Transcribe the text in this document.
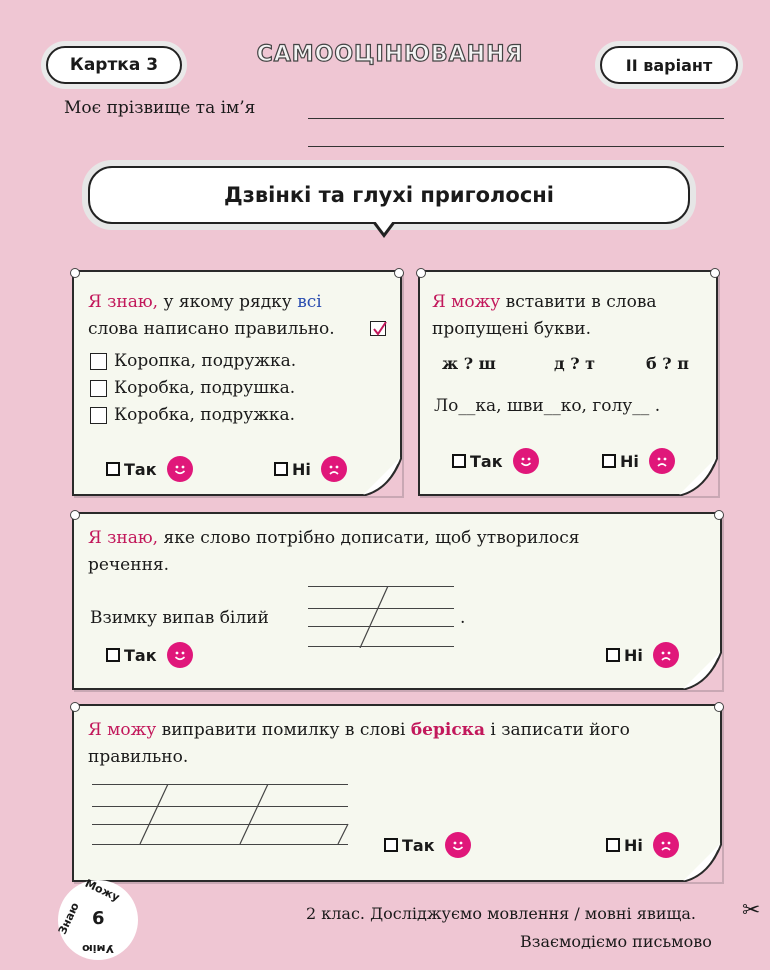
Картка 3	САМООЦІНЮВАННЯ	ІІ варіант
Моє прізвище та ім’я
Дзвінкі та глухі приголосні
Я знаю, у якому рядку всі
слова написано правильно.
Коропка, подружка.
Коробка, подрушка.
Коробка, подружка.
Так	Ні
Я можу вставити в слова
пропущені букви.
ж ? ш	д ? т	б ? п
Ло__ка, шви__ко, голу__ .
Так	Ні
Я знаю, яке слово потрібно дописати, щоб утворилося
речення.
Взимку випав білий	.
Так	Ні
Я можу виправити помилку в слові беріска і записати його
правильно.
Так	Ні
Можу
Знаю
Умію
6	2 клас. Досліджуємо мовлення / мовні явища.
Взаємодіємо письмово
✂
